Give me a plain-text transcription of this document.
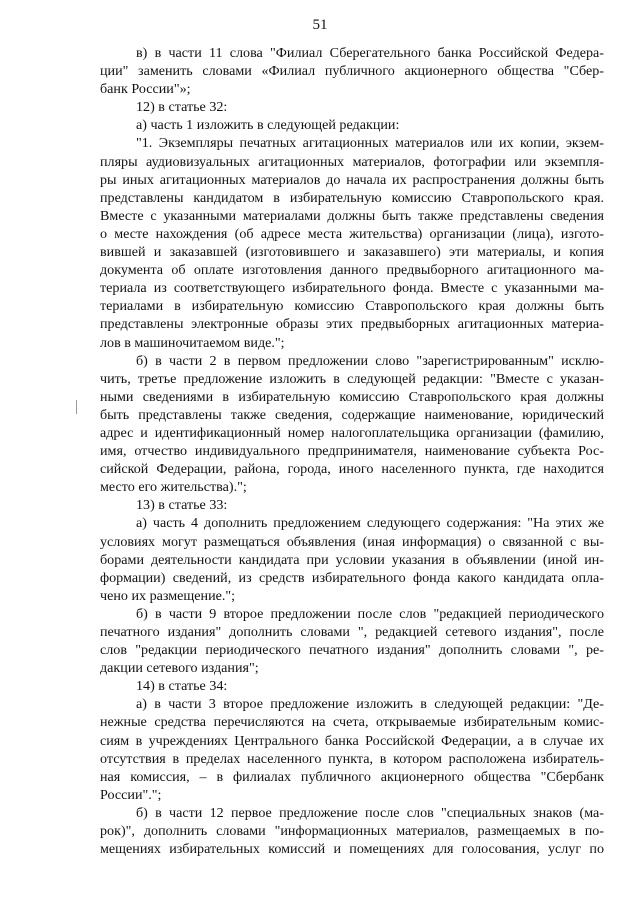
51
в) в части 11 слова "Филиал Сберегательного банка Российской Федера-
ции" заменить словами «Филиал публичного акционерного общества "Сбер-
банк России"»;
12) в статье 32:
а) часть 1 изложить в следующей редакции:
"1. Экземпляры печатных агитационных материалов или их копии, экзем-
пляры аудиовизуальных агитационных материалов, фотографии или экземпля-
ры иных агитационных материалов до начала их распространения должны быть
представлены кандидатом в избирательную комиссию Ставропольского края.
Вместе с указанными материалами должны быть также представлены сведения
о месте нахождения (об адресе места жительства) организации (лица), изгото-
вившей и заказавшей (изготовившего и заказавшего) эти материалы, и копия
документа об оплате изготовления данного предвыборного агитационного ма-
териала из соответствующего избирательного фонда. Вместе с указанными ма-
териалами в избирательную комиссию Ставропольского края должны быть
представлены электронные образы этих предвыборных агитационных материа-
лов в машиночитаемом виде.";
б) в части 2 в первом предложении слово "зарегистрированным" исклю-
чить, третье предложение изложить в следующей редакции: "Вместе с указан-
ными сведениями в избирательную комиссию Ставропольского края должны
быть представлены также сведения, содержащие наименование, юридический
адрес и идентификационный номер налогоплательщика организации (фамилию,
имя, отчество индивидуального предпринимателя, наименование субъекта Рос-
сийской Федерации, района, города, иного населенного пункта, где находится
место его жительства).";
13) в статье 33:
а) часть 4 дополнить предложением следующего содержания: "На этих же
условиях могут размещаться объявления (иная информация) о связанной с вы-
борами деятельности кандидата при условии указания в объявлении (иной ин-
формации) сведений, из средств избирательного фонда какого кандидата опла-
чено их размещение.";
б) в части 9 второе предложении после слов "редакцией периодического
печатного издания" дополнить словами ", редакцией сетевого издания", после
слов "редакции периодического печатного издания" дополнить словами ", ре-
дакции сетевого издания";
14) в статье 34:
а) в части 3 второе предложение изложить в следующей редакции: "Де-
нежные средства перечисляются на счета, открываемые избирательным комис-
сиям в учреждениях Центрального банка Российской Федерации, а в случае их
отсутствия в пределах населенного пункта, в котором расположена избиратель-
ная комиссия, – в филиалах публичного акционерного общества "Сбербанк
России".";
б) в части 12 первое предложение после слов "специальных знаков (ма-
рок)", дополнить словами "информационных материалов, размещаемых в по-
мещениях избирательных комиссий и помещениях для голосования, услуг по
